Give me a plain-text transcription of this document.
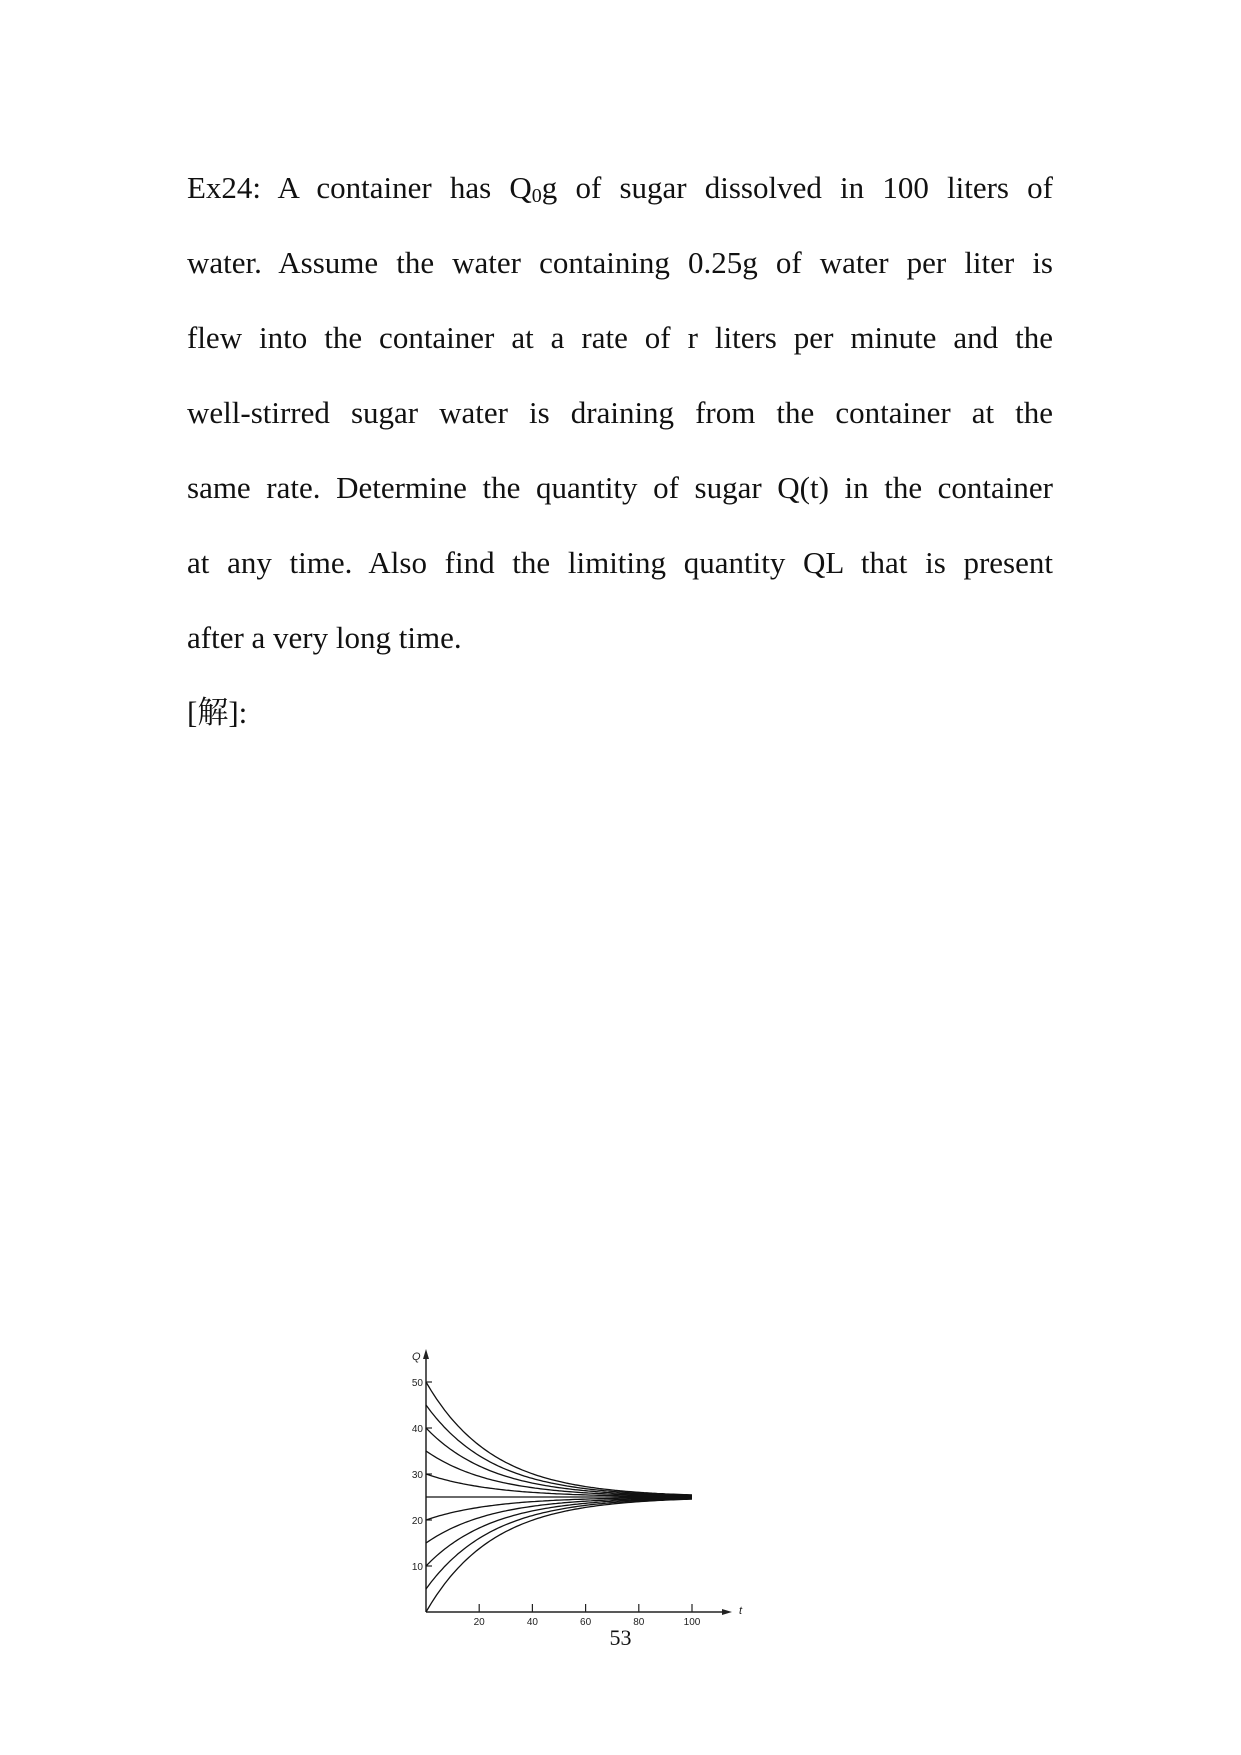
Ex24: A container has $Q_0g$ of sugar dissolved in 100 liters of
water. Assume the water containing 0.25g of water per liter is
flew into the container at a rate of r liters per minute and the
well-stirred sugar water is draining from the container at the
same rate. Determine the quantity of sugar Q(t) in the container
at any time. Also find the limiting quantity QL that is present
after a very long time.
[解]:
Q
t
20	40	60	80	100
10
20
30
40
50
53
